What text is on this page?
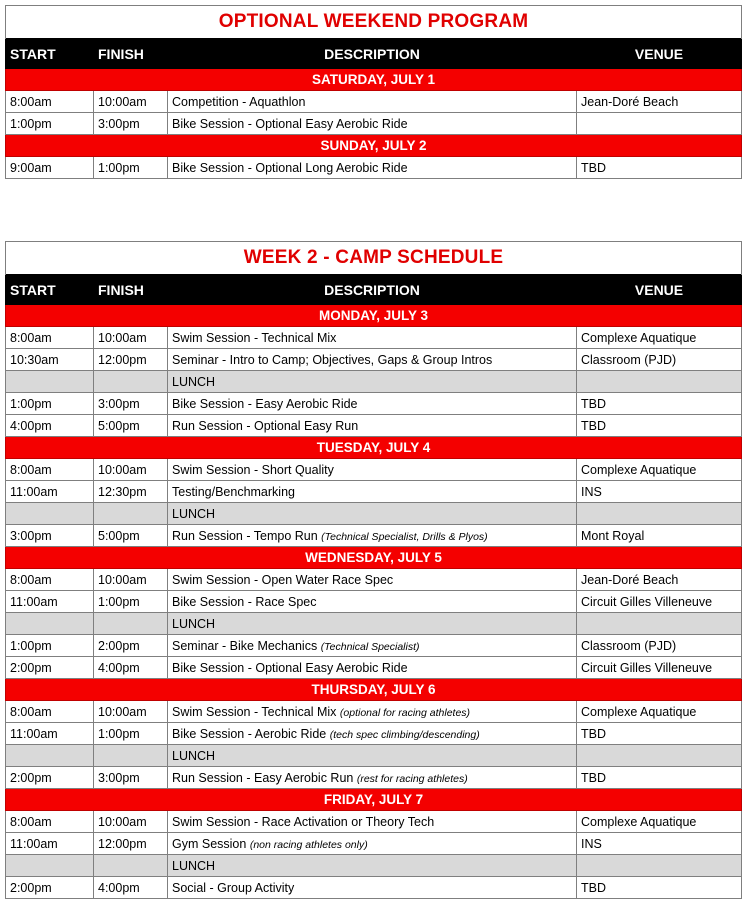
OPTIONAL WEEKEND PROGRAM			
START	FINISH	DESCRIPTION	VENUE
SATURDAY, JULY 1			
8:00am	10:00am	Competition - Aquathlon	Jean-Doré Beach
1:00pm	3:00pm	Bike Session - Optional Easy Aerobic Ride	
SUNDAY, JULY 2			
9:00am	1:00pm	Bike Session - Optional Long Aerobic Ride	TBD
WEEK 2 - CAMP SCHEDULE			
START	FINISH	DESCRIPTION	VENUE
MONDAY, JULY 3			
8:00am	10:00am	Swim Session - Technical Mix	Complexe Aquatique
10:30am	12:00pm	Seminar - Intro to Camp; Objectives, Gaps & Group Intros	Classroom (PJD)
		LUNCH	
1:00pm	3:00pm	Bike Session - Easy Aerobic Ride	TBD
4:00pm	5:00pm	Run Session - Optional Easy Run	TBD
TUESDAY, JULY 4			
8:00am	10:00am	Swim Session - Short Quality	Complexe Aquatique
11:00am	12:30pm	Testing/Benchmarking	INS
		LUNCH	
3:00pm	5:00pm	Run Session - Tempo Run (Technical Specialist, Drills & Plyos)	Mont Royal
WEDNESDAY, JULY 5			
8:00am	10:00am	Swim Session - Open Water Race Spec	Jean-Doré Beach
11:00am	1:00pm	Bike Session - Race Spec	Circuit Gilles Villeneuve
		LUNCH	
1:00pm	2:00pm	Seminar - Bike Mechanics (Technical Specialist)	Classroom (PJD)
2:00pm	4:00pm	Bike Session - Optional Easy Aerobic Ride	Circuit Gilles Villeneuve
THURSDAY, JULY 6			
8:00am	10:00am	Swim Session - Technical Mix (optional for racing athletes)	Complexe Aquatique
11:00am	1:00pm	Bike Session - Aerobic Ride (tech spec climbing/descending)	TBD
		LUNCH	
2:00pm	3:00pm	Run Session - Easy Aerobic Run (rest for racing athletes)	TBD
FRIDAY, JULY 7			
8:00am	10:00am	Swim Session - Race Activation or Theory Tech	Complexe Aquatique
11:00am	12:00pm	Gym Session (non racing athletes only)	INS
		LUNCH	
2:00pm	4:00pm	Social - Group Activity	TBD
